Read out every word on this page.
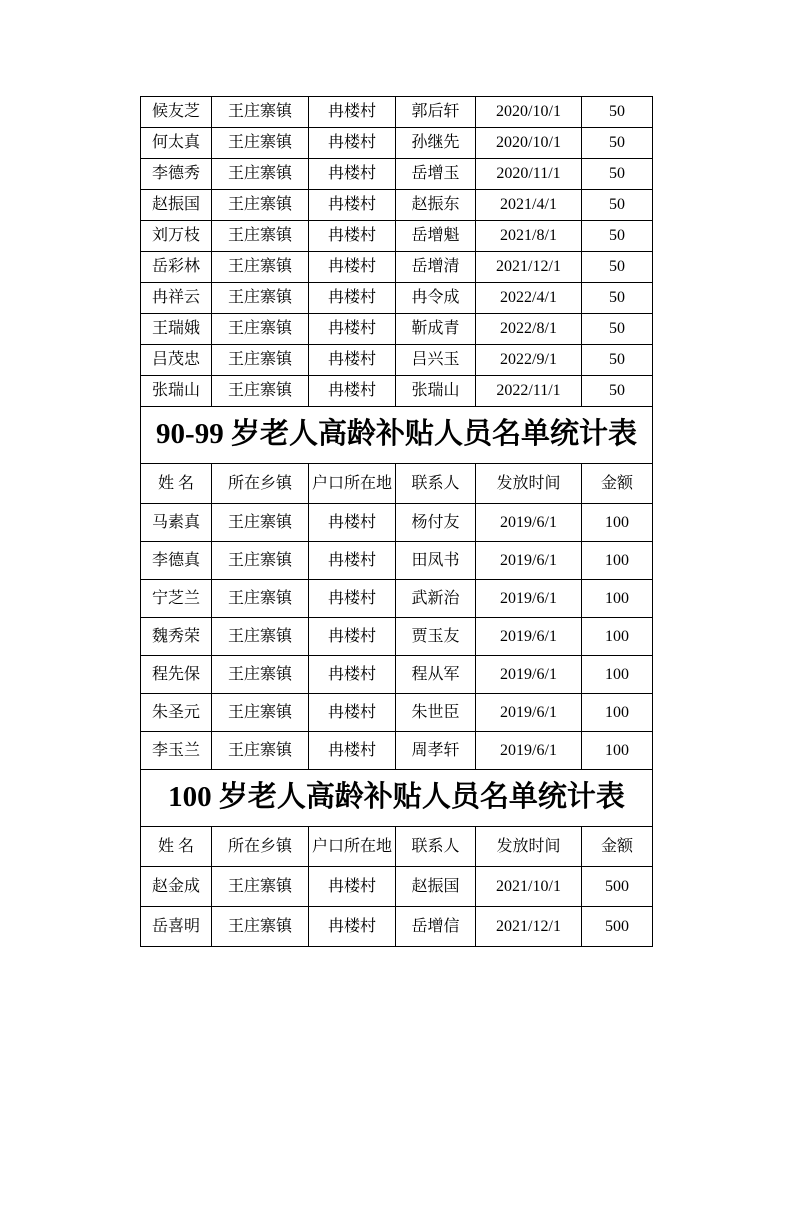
候友芝	王庄寨镇	冉楼村	郭后轩	2020/10/1	50
何太真	王庄寨镇	冉楼村	孙继先	2020/10/1	50
李德秀	王庄寨镇	冉楼村	岳增玉	2020/11/1	50
赵振国	王庄寨镇	冉楼村	赵振东	2021/4/1	50
刘万枝	王庄寨镇	冉楼村	岳增魁	2021/8/1	50
岳彩林	王庄寨镇	冉楼村	岳增清	2021/12/1	50
冉祥云	王庄寨镇	冉楼村	冉令成	2022/4/1	50
王瑞娥	王庄寨镇	冉楼村	靳成青	2022/8/1	50
吕茂忠	王庄寨镇	冉楼村	吕兴玉	2022/9/1	50
张瑞山	王庄寨镇	冉楼村	张瑞山	2022/11/1	50
90-99 岁老人高龄补贴人员名单统计表					
姓 名	所在乡镇	户口所在地	联系人	发放时间	金额
马素真	王庄寨镇	冉楼村	杨付友	2019/6/1	100
李德真	王庄寨镇	冉楼村	田凤书	2019/6/1	100
宁芝兰	王庄寨镇	冉楼村	武新治	2019/6/1	100
魏秀荣	王庄寨镇	冉楼村	贾玉友	2019/6/1	100
程先保	王庄寨镇	冉楼村	程从军	2019/6/1	100
朱圣元	王庄寨镇	冉楼村	朱世臣	2019/6/1	100
李玉兰	王庄寨镇	冉楼村	周孝轩	2019/6/1	100
100 岁老人高龄补贴人员名单统计表					
姓 名	所在乡镇	户口所在地	联系人	发放时间	金额
赵金成	王庄寨镇	冉楼村	赵振国	2021/10/1	500
岳喜明	王庄寨镇	冉楼村	岳增信	2021/12/1	500
